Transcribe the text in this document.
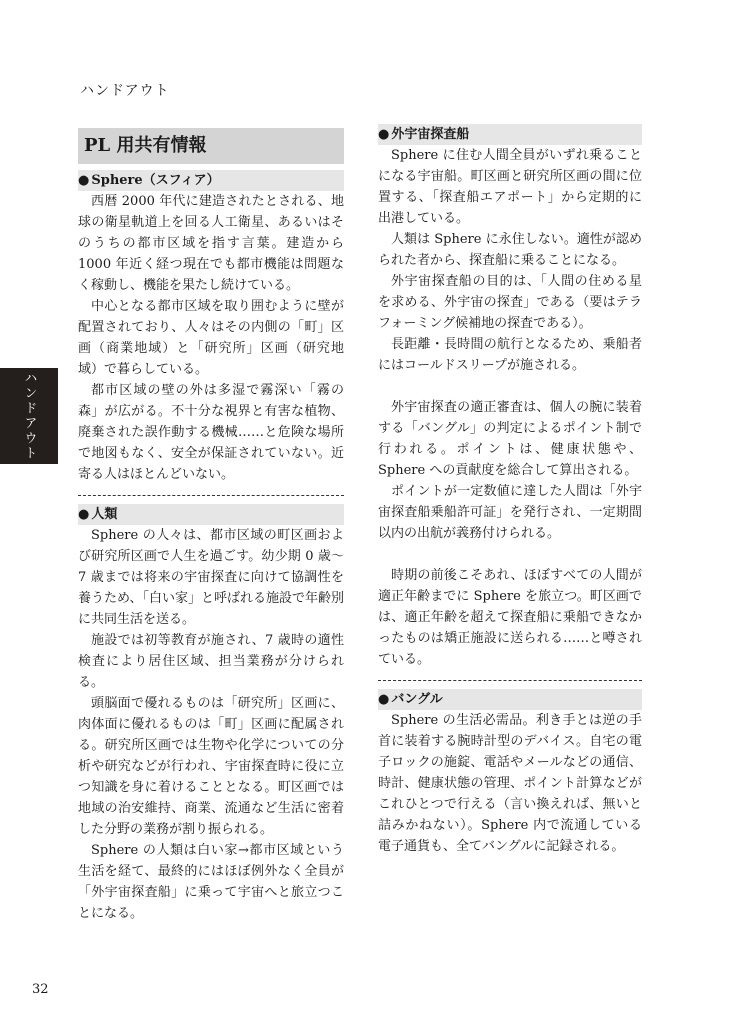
ハンドアウト
ハンドアウト
PL 用共有情報
● Sphere（スフィア）

西暦 2000 年代に建造されたとされる、地球の衛星軌道上を回る人工衛星、あるいはそのうちの都市区域を指す言葉。建造から 1000 年近く経つ現在でも都市機能は問題なく稼動し、機能を果たし続けている。

中心となる都市区域を取り囲むように壁が配置されており、人々はその内側の「町」区画（商業地域）と「研究所」区画（研究地域）で暮らしている。

都市区域の壁の外は多湿で霧深い「霧の森」が広がる。不十分な視界と有害な植物、廃棄された誤作動する機械……と危険な場所で地図もなく、安全が保証されていない。近寄る人はほとんどいない。

● 人類

Sphere の人々は、都市区域の町区画および研究所区画で人生を過ごす。幼少期 0 歳〜 7 歳までは将来の宇宙探査に向けて協調性を養うため、「白い家」と呼ばれる施設で年齢別に共同生活を送る。

施設では初等教育が施され、7 歳時の適性検査により居住区域、担当業務が分けられる。

頭脳面で優れるものは「研究所」区画に、肉体面に優れるものは「町」区画に配属される。研究所区画では生物や化学についての分析や研究などが行われ、宇宙探査時に役に立つ知識を身に着けることとなる。町区画では地域の治安維持、商業、流通など生活に密着した分野の業務が割り振られる。

Sphere の人類は白い家→都市区域という生活を経て、最終的にはほぼ例外なく全員が「外宇宙探査船」に乗って宇宙へと旅立つことになる。

● 外宇宙探査船

Sphere に住む人間全員がいずれ乗ることになる宇宙船。町区画と研究所区画の間に位置する、「探査船エアポート」から定期的に出港している。

人類は Sphere に永住しない。適性が認められた者から、探査船に乗ることになる。

外宇宙探査船の目的は、「人間の住める星を求める、外宇宙の探査」である（要はテラフォーミング候補地の探査である）。

長距離・長時間の航行となるため、乗船者にはコールドスリープが施される。

外宇宙探査の適正審査は、個人の腕に装着する「バングル」の判定によるポイント制で行われる。ポイントは、健康状態や、Sphere への貢献度を総合して算出される。

ポイントが一定数値に達した人間は「外宇宙探査船乗船許可証」を発行され、一定期間以内の出航が義務付けられる。

時期の前後こそあれ、ほぼすべての人間が適正年齢までに Sphere を旅立つ。町区画では、適正年齢を超えて探査船に乗船できなかったものは矯正施設に送られる……と噂されている。

● バングル

Sphere の生活必需品。利き手とは逆の手首に装着する腕時計型のデバイス。自宅の電子ロックの施錠、電話やメールなどの通信、時計、健康状態の管理、ポイント計算などがこれひとつで行える（言い換えれば、無いと詰みかねない）。Sphere 内で流通している電子通貨も、全てバングルに記録される。

32
